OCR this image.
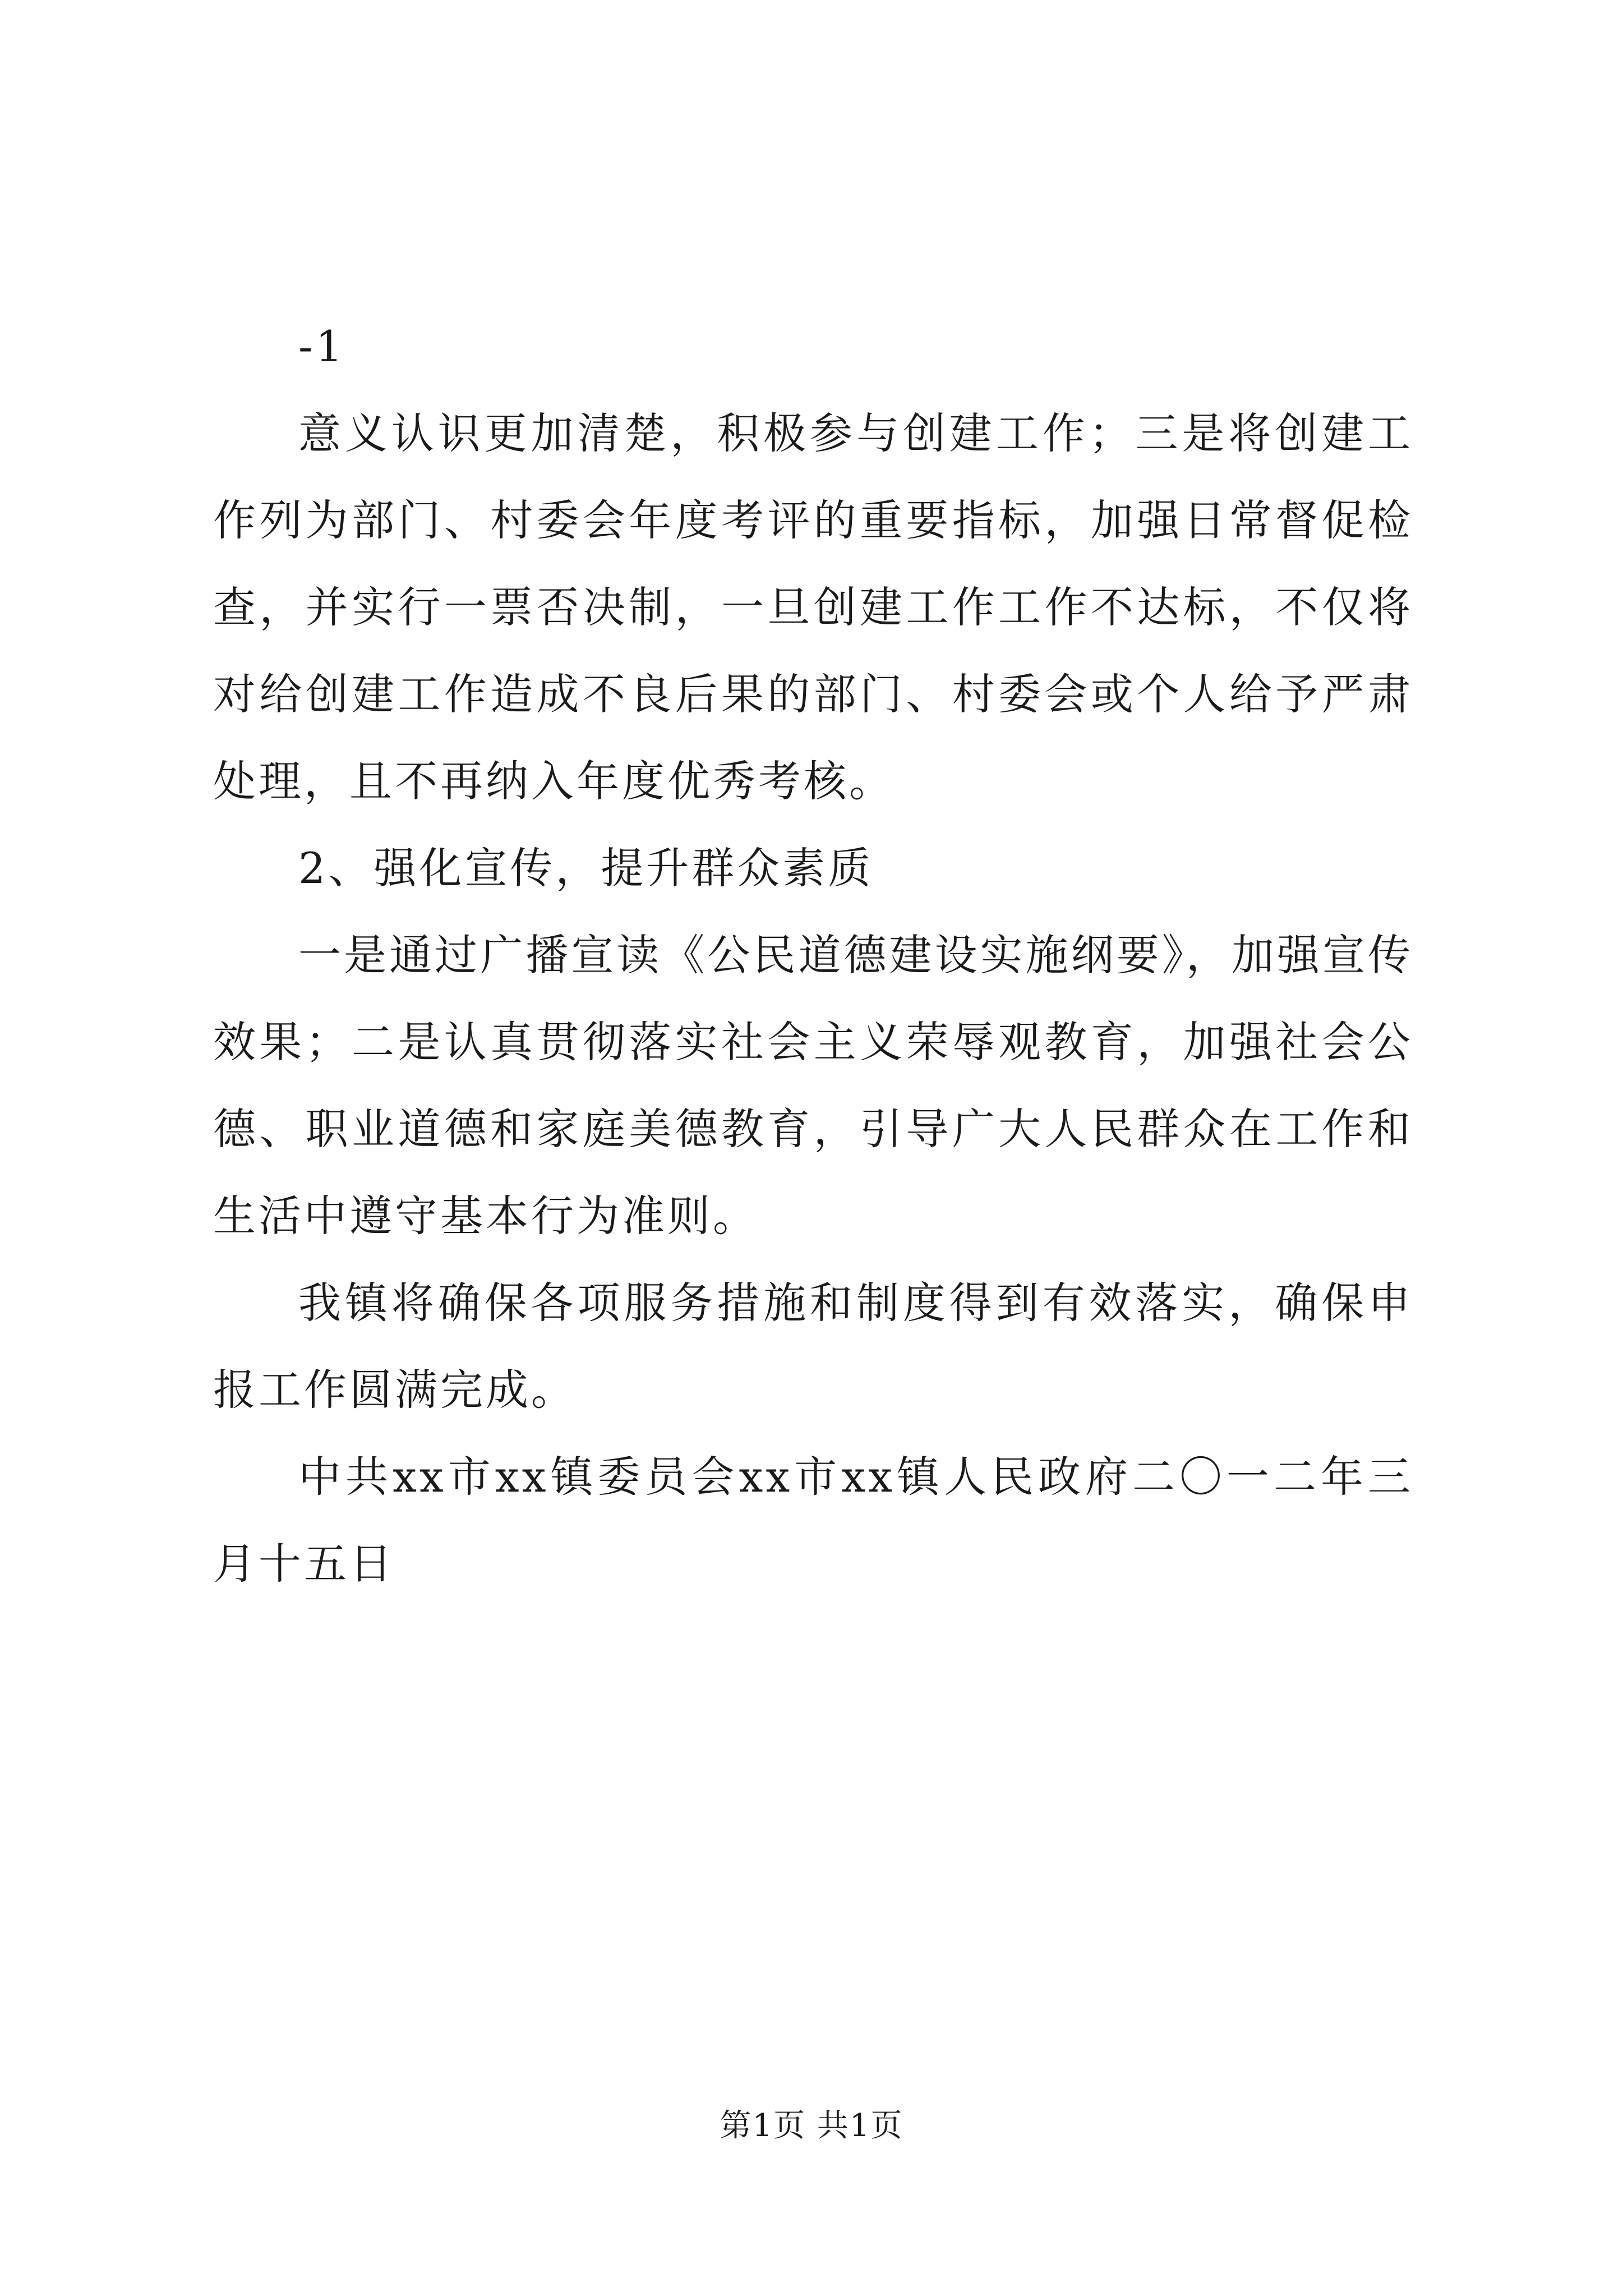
-1

意义认识更加清楚，积极参与创建工作；三是将创建工作列为部门、村委会年度考评的重要指标，加强日常督促检查，并实行一票否决制，一旦创建工作工作不达标，不仅将对给创建工作造成不良后果的部门、村委会或个人给予严肃处理，且不再纳入年度优秀考核。

2、强化宣传，提升群众素质

一是通过广播宣读《公民道德建设实施纲要》，加强宣传效果；二是认真贯彻落实社会主义荣辱观教育，加强社会公德、职业道德和家庭美德教育，引导广大人民群众在工作和生活中遵守基本行为准则。

我镇将确保各项服务措施和制度得到有效落实，确保申报工作圆满完成。

中共xx市xx镇委员会xx市xx镇人民政府二〇一二年三月十五日

第1页 共1页
